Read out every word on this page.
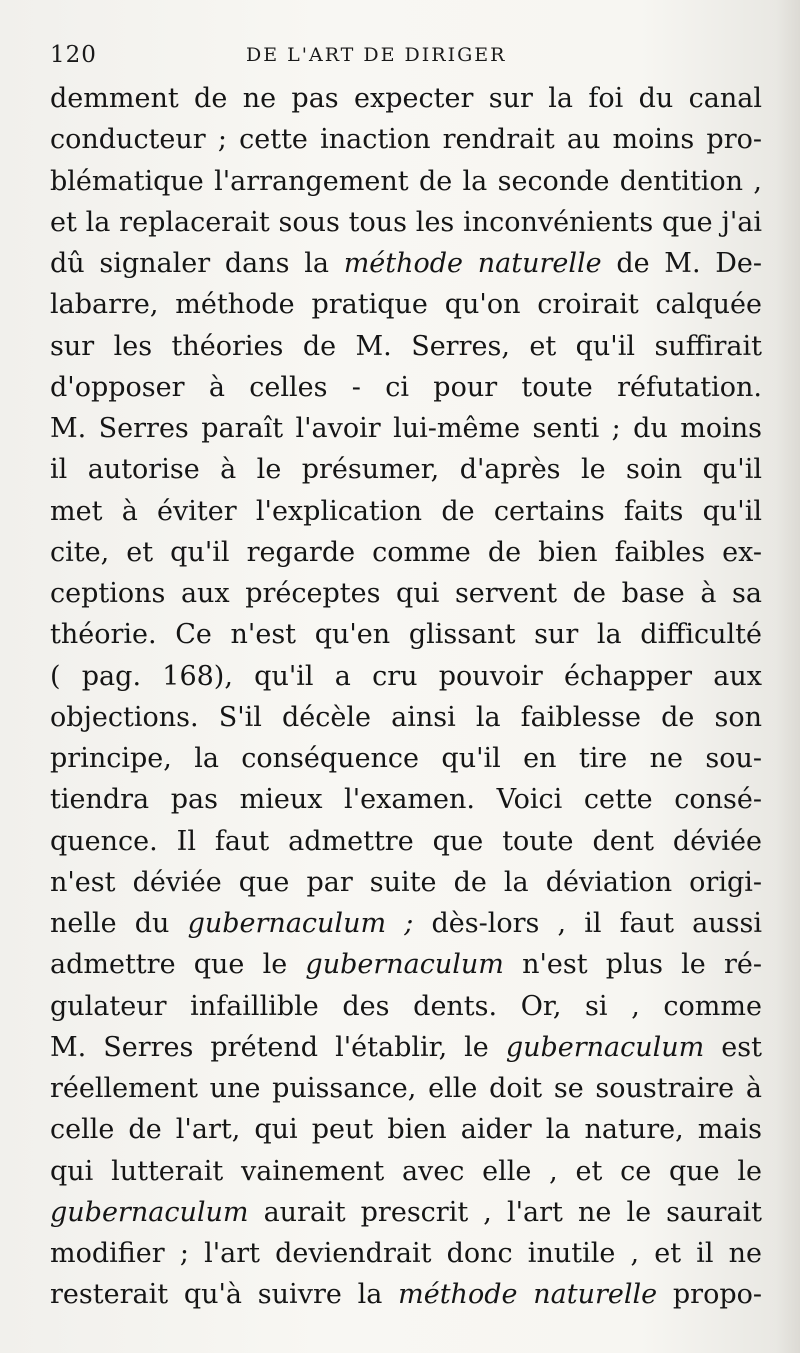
120	DE L'ART DE DIRIGER
demment de ne pas expecter sur la foi du canal
conducteur ; cette inaction rendrait au moins pro-
blématique l'arrangement de la seconde dentition ,
et la replacerait sous tous les inconvénients que j'ai
dû signaler dans la méthode naturelle de M. De-
labarre, méthode pratique qu'on croirait calquée
sur les théories de M. Serres, et qu'il suffirait
d'opposer à celles - ci pour toute réfutation.
M. Serres paraît l'avoir lui-même senti ; du moins
il autorise à le présumer, d'après le soin qu'il
met à éviter l'explication de certains faits qu'il
cite, et qu'il regarde comme de bien faibles ex-
ceptions aux préceptes qui servent de base à sa
théorie. Ce n'est qu'en glissant sur la difficulté
( pag. 168), qu'il a cru pouvoir échapper aux
objections. S'il décèle ainsi la faiblesse de son
principe, la conséquence qu'il en tire ne sou-
tiendra pas mieux l'examen. Voici cette consé-
quence. Il faut admettre que toute dent déviée
n'est déviée que par suite de la déviation origi-
nelle du gubernaculum ; dès-lors , il faut aussi
admettre que le gubernaculum n'est plus le ré-
gulateur infaillible des dents. Or, si , comme
M. Serres prétend l'établir, le gubernaculum est
réellement une puissance, elle doit se soustraire à
celle de l'art, qui peut bien aider la nature, mais
qui lutterait vainement avec elle , et ce que le
gubernaculum aurait prescrit , l'art ne le saurait
modifier ; l'art deviendrait donc inutile , et il ne
resterait qu'à suivre la méthode naturelle propo-
